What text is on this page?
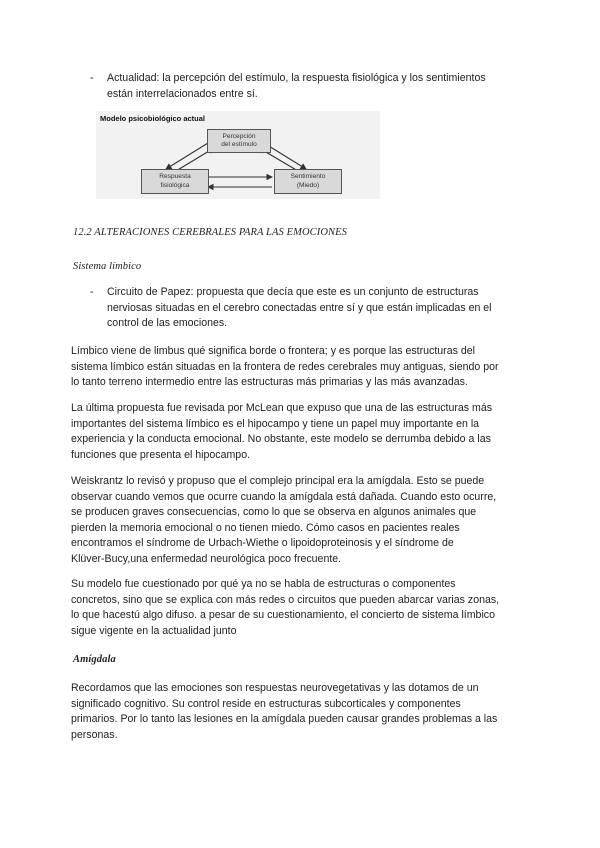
- Actualidad: la percepción del estímulo, la respuesta fisiológica y los sentimientos
están interrelacionados entre sí.
Modelo psicobiológico actual
Percepción
del estímulo
Respuesta
fisiológica
Sentimiento
(Miedo)
12.2 ALTERACIONES CEREBRALES PARA LAS EMOCIONES
Sistema límbico
- Circuito de Papez: propuesta que decía que este es un conjunto de estructuras
nerviosas situadas en el cerebro conectadas entre sí y que están implicadas en el
control de las emociones.
Límbico viene de limbus qué significa borde o frontera; y es porque las estructuras del
sistema límbico están situadas en la frontera de redes cerebrales muy antiguas, siendo por
lo tanto terreno intermedio entre las estructuras más primarias y las más avanzadas.
La última propuesta fue revisada por McLean que expuso que una de las estructuras más
importantes del sistema límbico es el hipocampo y tiene un papel muy importante en la
experiencia y la conducta emocional. No obstante, este modelo se derrumba debido a las
funciones que presenta el hipocampo.
Weiskrantz lo revisó y propuso que el complejo principal era la amígdala. Esto se puede
observar cuando vemos que ocurre cuando la amígdala está dañada. Cuando esto ocurre,
se producen graves consecuencias, como lo que se observa en algunos animales que
pierden la memoria emocional o no tienen miedo. Cómo casos en pacientes reales
encontramos el síndrome de Urbach-Wiethe o lipoidoproteinosis y el síndrome de
Klüver-Bucy,una enfermedad neurológica poco frecuente.
Su modelo fue cuestionado por qué ya no se habla de estructuras o componentes
concretos, sino que se explica con más redes o circuitos que pueden abarcar varias zonas,
lo que hacestú algo difuso. a pesar de su cuestionamiento, el concierto de sistema límbico
sigue vigente en la actualidad junto
Amígdala
Recordamos que las emociones son respuestas neurovegetativas y las dotamos de un
significado cognitivo. Su control reside en estructuras subcorticales y componentes
primarios. Por lo tanto las lesiones en la amígdala pueden causar grandes problemas a las
personas.
